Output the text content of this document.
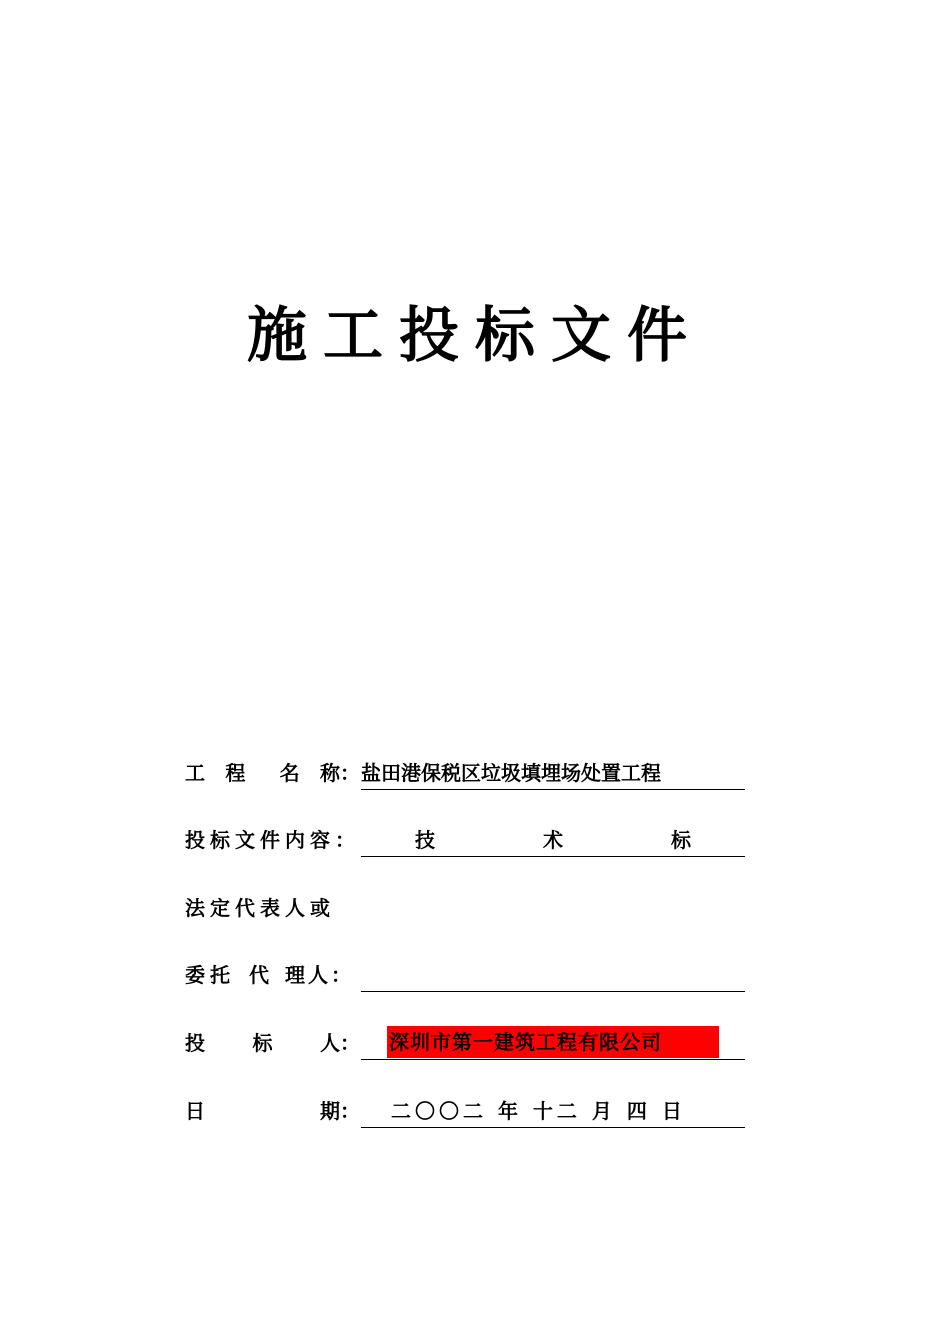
施工投标文件
工 程 名 称： 盐田港保税区垃圾填埋场处置工程
投标文件内容：	技	术	标
法定代表人或
委托 代 理人：
投 标 人： 深圳市第一建筑工程有限公司
日	期： 二〇〇二 年 十二 月 四 日
